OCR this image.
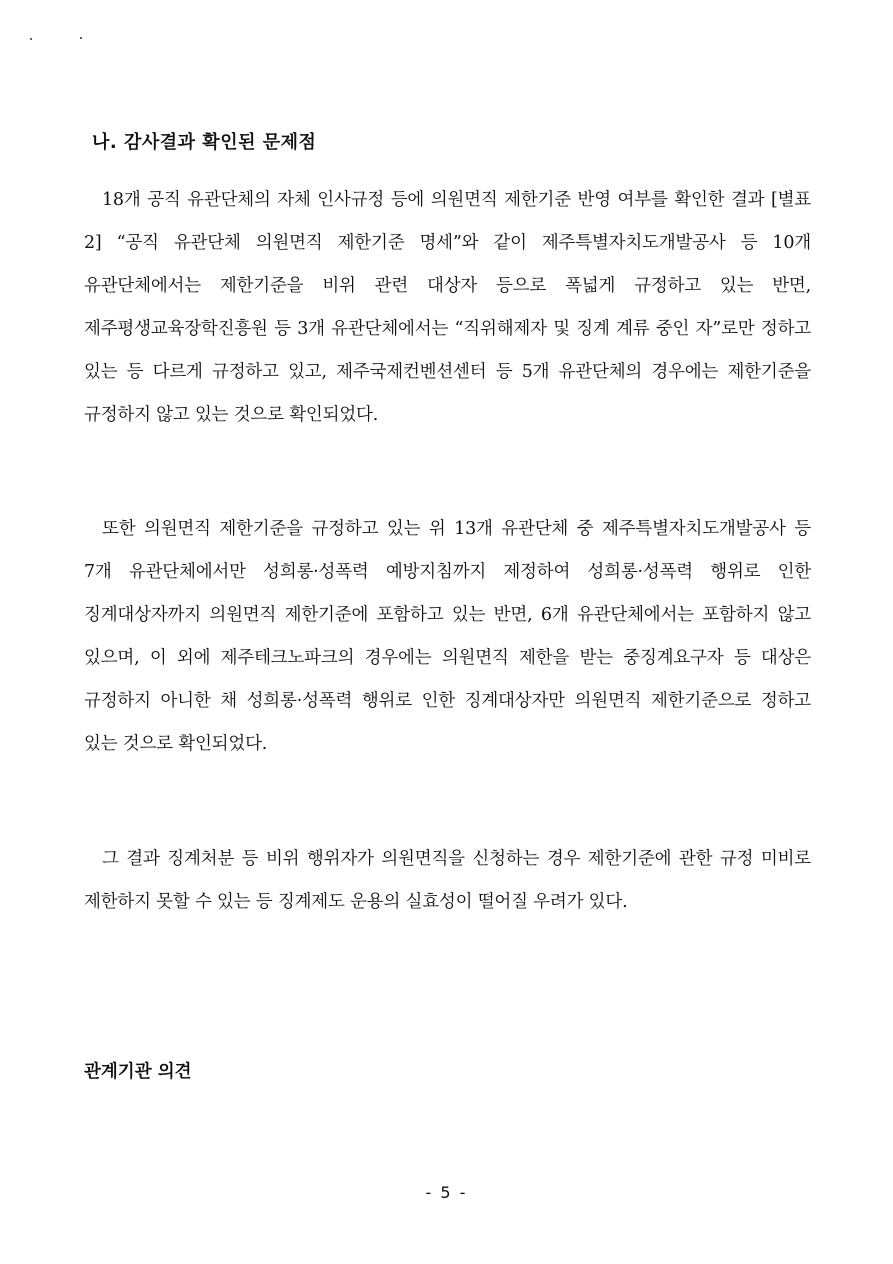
나. 감사결과 확인된 문제점

18개 공직 유관단체의 자체 인사규정 등에 의원면직 제한기준 반영 여부를 확인한 결과 [별표 2] “공직 유관단체 의원면직 제한기준 명세”와 같이 제주특별자치도개발공사 등 10개 유관단체에서는 제한기준을 비위 관련 대상자 등으로 폭넓게 규정하고 있는 반면, 제주평생교육장학진흥원 등 3개 유관단체에서는 “직위해제자 및 징계 계류 중인 자”로만 정하고 있는 등 다르게 규정하고 있고, 제주국제컨벤션센터 등 5개 유관단체의 경우에는 제한기준을 규정하지 않고 있는 것으로 확인되었다.

또한 의원면직 제한기준을 규정하고 있는 위 13개 유관단체 중 제주특별자치도개발공사 등 7개 유관단체에서만 성희롱·성폭력 예방지침까지 제정하여 성희롱·성폭력 행위로 인한 징계대상자까지 의원면직 제한기준에 포함하고 있는 반면, 6개 유관단체에서는 포함하지 않고 있으며, 이 외에 제주테크노파크의 경우에는 의원면직 제한을 받는 중징계요구자 등 대상은 규정하지 아니한 채 성희롱·성폭력 행위로 인한 징계대상자만 의원면직 제한기준으로 정하고 있는 것으로 확인되었다.

그 결과 징계처분 등 비위 행위자가 의원면직을 신청하는 경우 제한기준에 관한 규정 미비로 제한하지 못할 수 있는 등 징계제도 운용의 실효성이 떨어질 우려가 있다.

관계기관 의견
- 5 -
